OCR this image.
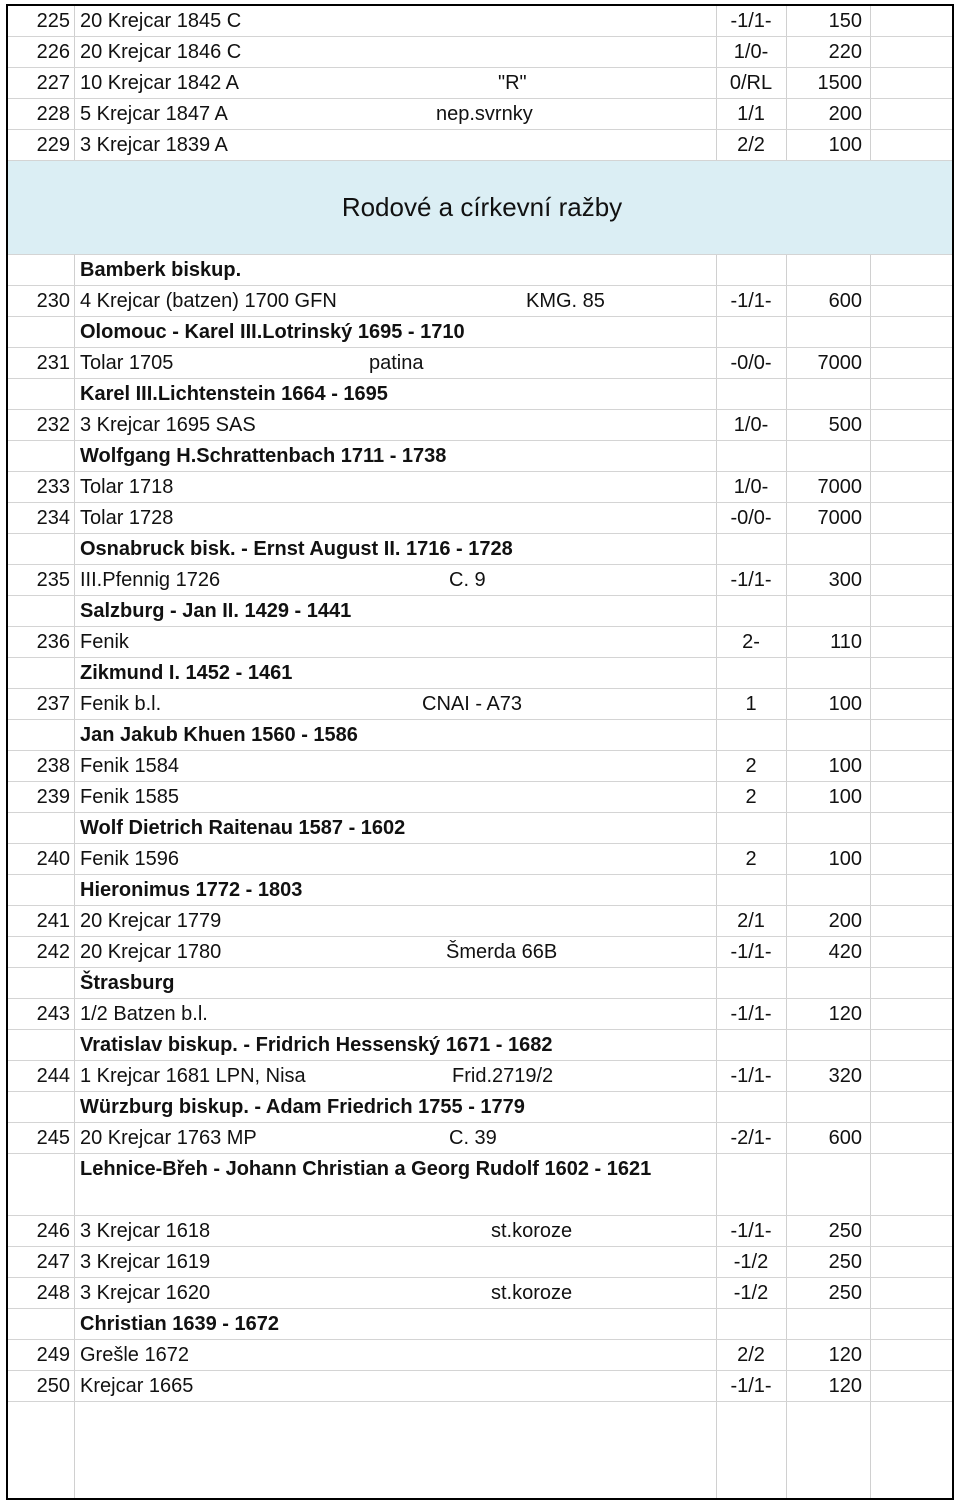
225 20 Krejcar 1845 C	-1/1-	150
226 20 Krejcar 1846 C	1/0-	220
227 10 Krejcar 1842 A	"R"	0/RL	1500
228 5 Krejcar 1847 A	nep.svrnky	1/1	200
229 3 Krejcar 1839 A	2/2	100
Rodové a církevní ražby
Bamberk biskup.
230 4 Krejcar (batzen) 1700 GFN	KMG. 85	-1/1-	600
Olomouc - Karel III.Lotrinský 1695 - 1710
231 Tolar 1705	patina	-0/0-	7000
Karel III.Lichtenstein 1664 - 1695
232 3 Krejcar 1695 SAS	1/0-	500
Wolfgang H.Schrattenbach 1711 - 1738
233 Tolar 1718	1/0-	7000
234 Tolar 1728	-0/0-	7000
Osnabruck bisk. - Ernst August II. 1716 - 1728
235 III.Pfennig 1726	C. 9	-1/1-	300
Salzburg - Jan II. 1429 - 1441
236 Fenik	2-	110
Zikmund I. 1452 - 1461
237 Fenik b.l.	CNAI - A73	1	100
Jan Jakub Khuen 1560 - 1586
238 Fenik 1584	2	100
239 Fenik 1585	2	100
Wolf Dietrich Raitenau 1587 - 1602
240 Fenik 1596	2	100
Hieronimus 1772 - 1803
241 20 Krejcar 1779	2/1	200
242 20 Krejcar 1780	Šmerda 66B	-1/1-	420
Štrasburg
243 1/2 Batzen b.l.	-1/1-	120
Vratislav biskup. - Fridrich Hessenský 1671 - 1682
244 1 Krejcar 1681 LPN, Nisa	Frid.2719/2	-1/1-	320
Würzburg biskup. - Adam Friedrich 1755 - 1779
245 20 Krejcar 1763 MP	C. 39	-2/1-	600
Lehnice-Břeh - Johann Christian a Georg Rudolf 1602 - 1621
246 3 Krejcar 1618	st.koroze	-1/1-	250
247 3 Krejcar 1619	-1/2	250
248 3 Krejcar 1620	st.koroze	-1/2	250
Christian 1639 - 1672
249 Grešle 1672	2/2	120
250 Krejcar 1665	-1/1-	120
